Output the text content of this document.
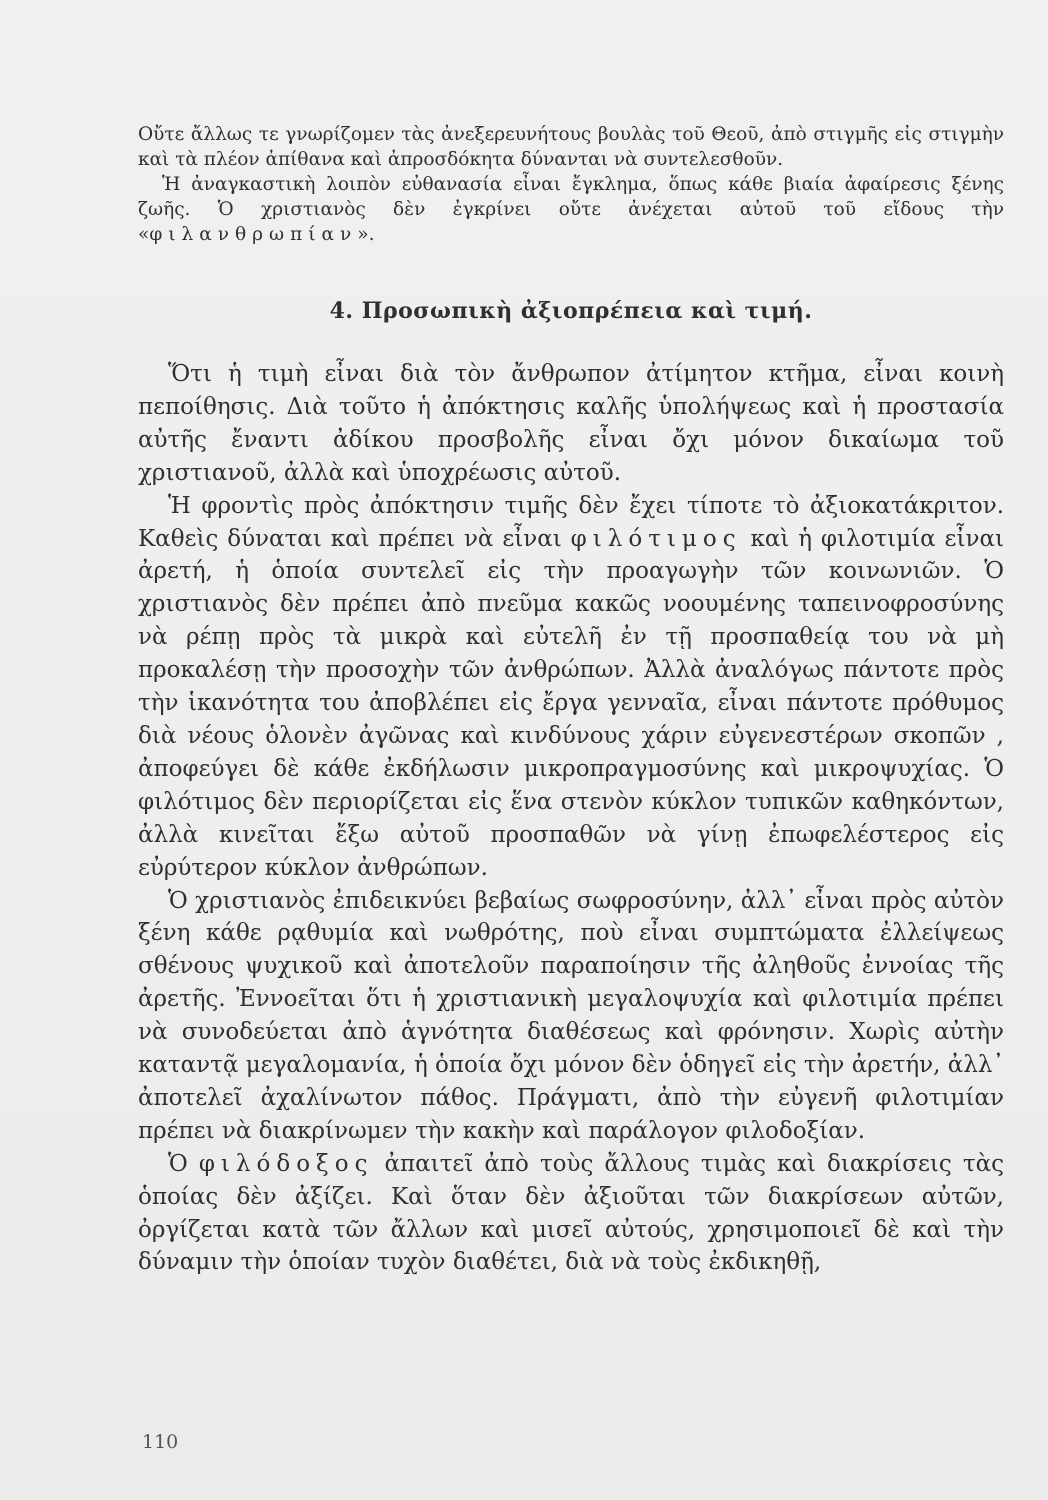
Οὔτε ἄλλως τε γνωρίζομεν τὰς ἀνεξερευνήτους βουλὰς τοῦ Θεοῦ, ἀπὸ στιγμῆς εἰς στιγμὴν καὶ τὰ πλέον ἀπίθανα καὶ ἀπροσδόκητα δύνανται νὰ συντελεσθοῦν.

Ἡ ἀναγκαστικὴ λοιπὸν εὐθανασία εἶναι ἔγκλημα, ὅπως κάθε βιαία ἀφαίρεσις ξένης ζωῆς. Ὁ χριστιανὸς δὲν ἐγκρίνει οὔτε ἀνέχεται αὐτοῦ τοῦ εἴδους τὴν «φιλανθρωπίαν».

4. Προσωπικὴ ἀξιοπρέπεια καὶ τιμή.

Ὅτι ἡ τιμὴ εἶναι διὰ τὸν ἄνθρωπον ἀτίμητον κτῆμα, εἶναι κοινὴ πεποίθησις. Διὰ τοῦτο ἡ ἀπόκτησις καλῆς ὑπολήψεως καὶ ἡ προστασία αὐτῆς ἔναντι ἀδίκου προσβολῆς εἶναι ὄχι μόνον δικαίωμα τοῦ χριστιανοῦ, ἀλλὰ καὶ ὑποχρέωσις αὐτοῦ.

Ἡ φροντὶς πρὸς ἀπόκτησιν τιμῆς δὲν ἔχει τίποτε τὸ ἀξιοκατάκριτον. Καθεὶς δύναται καὶ πρέπει νὰ εἶναι φιλότιμος καὶ ἡ φιλοτιμία εἶναι ἀρετή, ἡ ὁποία συντελεῖ εἰς τὴν προαγωγὴν τῶν κοινωνιῶν. Ὁ χριστιανὸς δὲν πρέπει ἀπὸ πνεῦμα κακῶς νοουμένης ταπεινοφροσύνης νὰ ρέπῃ πρὸς τὰ μικρὰ καὶ εὐτελῆ ἐν τῇ προσπαθείᾳ του νὰ μὴ προκαλέσῃ τὴν προσοχὴν τῶν ἀνθρώπων. Ἀλλὰ ἀναλόγως πάντοτε πρὸς τὴν ἱκανότητα του ἀποβλέπει εἰς ἔργα γενναῖα, εἶναι πάντοτε πρόθυμος διὰ νέους ὁλονὲν ἀγῶνας καὶ κινδύνους χάριν εὐγενεστέρων σκοπῶν , ἀποφεύγει δὲ κάθε ἐκδήλωσιν μικροπραγμοσύνης καὶ μικροψυχίας. Ὁ φιλότιμος δὲν περιορίζεται εἰς ἕνα στενὸν κύκλον τυπικῶν καθηκόντων, ἀλλὰ κινεῖται ἔξω αὐτοῦ προσπαθῶν νὰ γίνῃ ἐπωφελέστερος εἰς εὐρύτερον κύκλον ἀνθρώπων.

Ὁ χριστιανὸς ἐπιδεικνύει βεβαίως σωφροσύνην, ἀλλ᾿ εἶναι πρὸς αὐτὸν ξένη κάθε ρᾳθυμία καὶ νωθρότης, ποὺ εἶναι συμπτώματα ἐλλείψεως σθένους ψυχικοῦ καὶ ἀποτελοῦν παραποίησιν τῆς ἀληθοῦς ἐννοίας τῆς ἀρετῆς. Ἐννοεῖται ὅτι ἡ χριστιανικὴ μεγαλοψυχία καὶ φιλοτιμία πρέπει νὰ συνοδεύεται ἀπὸ ἁγνότητα διαθέσεως καὶ φρόνησιν. Χωρὶς αὐτὴν καταντᾷ μεγαλομανία, ἡ ὁποία ὄχι μόνον δὲν ὁδηγεῖ εἰς τὴν ἀρετήν, ἀλλ᾿ ἀποτελεῖ ἀχαλίνωτον πάθος. Πράγματι, ἀπὸ τὴν εὐγενῆ φιλοτιμίαν πρέπει νὰ διακρίνωμεν τὴν κακὴν καὶ παράλογον φιλοδοξίαν.

Ὁ φιλόδοξος ἀπαιτεῖ ἀπὸ τοὺς ἄλλους τιμὰς καὶ διακρίσεις τὰς ὁποίας δὲν ἀξίζει. Καὶ ὅταν δὲν ἀξιοῦται τῶν διακρίσεων αὐτῶν, ὀργίζεται κατὰ τῶν ἄλλων καὶ μισεῖ αὐτούς, χρησιμοποιεῖ δὲ καὶ τὴν δύναμιν τὴν ὁποίαν τυχὸν διαθέτει, διὰ νὰ τοὺς ἐκδικηθῇ,

110
